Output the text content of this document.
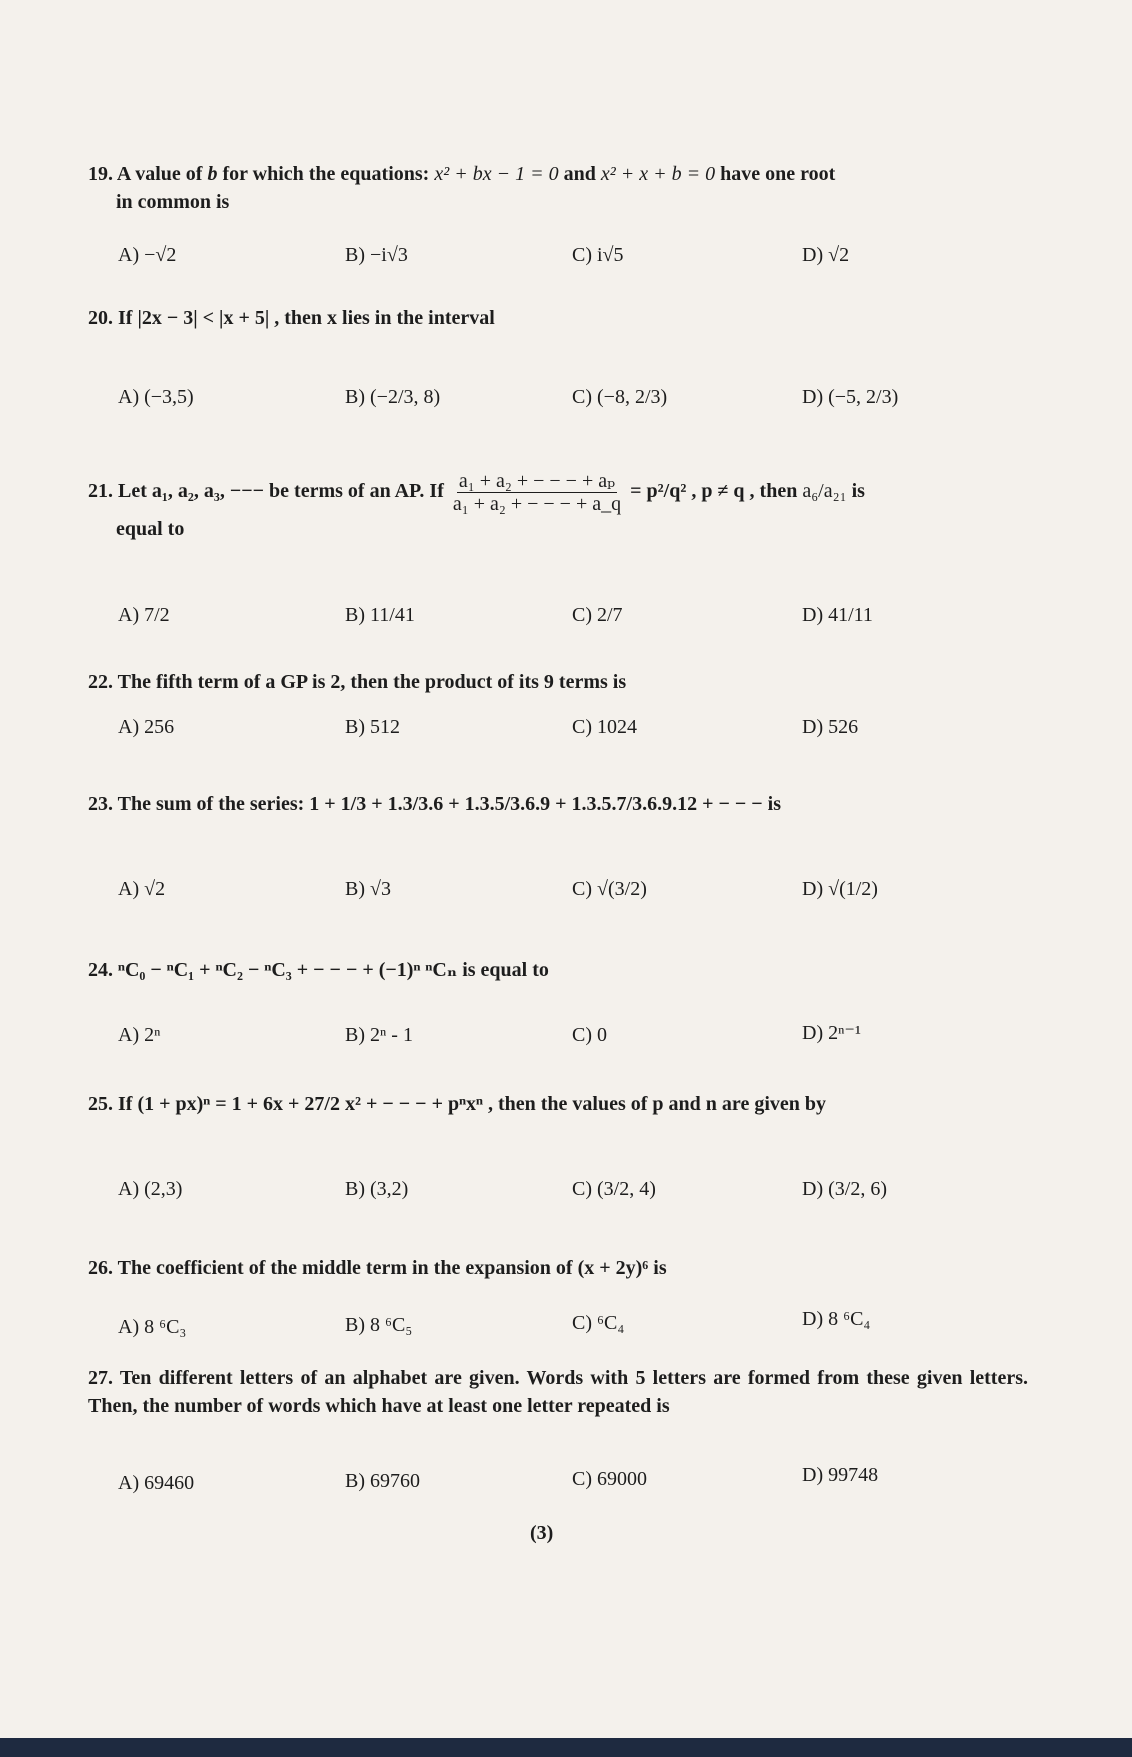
19. A value of b for which the equations: x² + bx − 1 = 0 and x² + x + b = 0 have one root
in common is
A) −√2	B) −i√3	C) i√5	D) √2
20. If |2x − 3| < |x + 5| , then x lies in the interval
A) (−3,5)	B) (−2/3, 8)	C) (−8, 2/3)	D) (−5, 2/3)
21. Let a₁, a₂, a₃, −−− be terms of an AP. If $\frac{\text{a₁ + a₂ + − − − + aₚ}}{\text{a₁ + a₂ + − − − + a\_q}} = p^2/q^2$ , p ≠ q , then a₆/a₂₁ is
equal to
A) 7/2	B) 11/41	C) 2/7	D) 41/11
22. The fifth term of a GP is 2, then the product of its 9 terms is
A) 256	B) 512	C) 1024	D) 526
23. The sum of the series: 1 + 1/3 + 1.3/3.6 + 1.3.5/3.6.9 + 1.3.5.7/3.6.9.12 + − − − is
A) √2	B) √3	C) √(3/2)	D) √(1/2)
24. ⁿC₀ − ⁿC₁ + ⁿC₂ − ⁿC₃ + − − − + (−1)ⁿ ⁿCₙ is equal to
A) 2ⁿ	B) 2ⁿ - 1	C) 0	D) 2ⁿ⁻¹
25. If (1 + px)ⁿ = 1 + 6x + 27/2 x² + − − − + pⁿxⁿ , then the values of p and n are given by
A) (2,3)	B) (3,2)	C) (3/2, 4)	D) (3/2, 6)
26. The coefficient of the middle term in the expansion of (x + 2y)⁶ is
A) 8 ⁶C₃	B) 8 ⁶C₅	C) ⁶C₄	D) 8 ⁶C₄
27. Ten different letters of an alphabet are given. Words with 5 letters are formed from these given letters. Then, the number of words which have at least one letter repeated is
A) 69460	B) 69760	C) 69000	D) 99748
(3)
